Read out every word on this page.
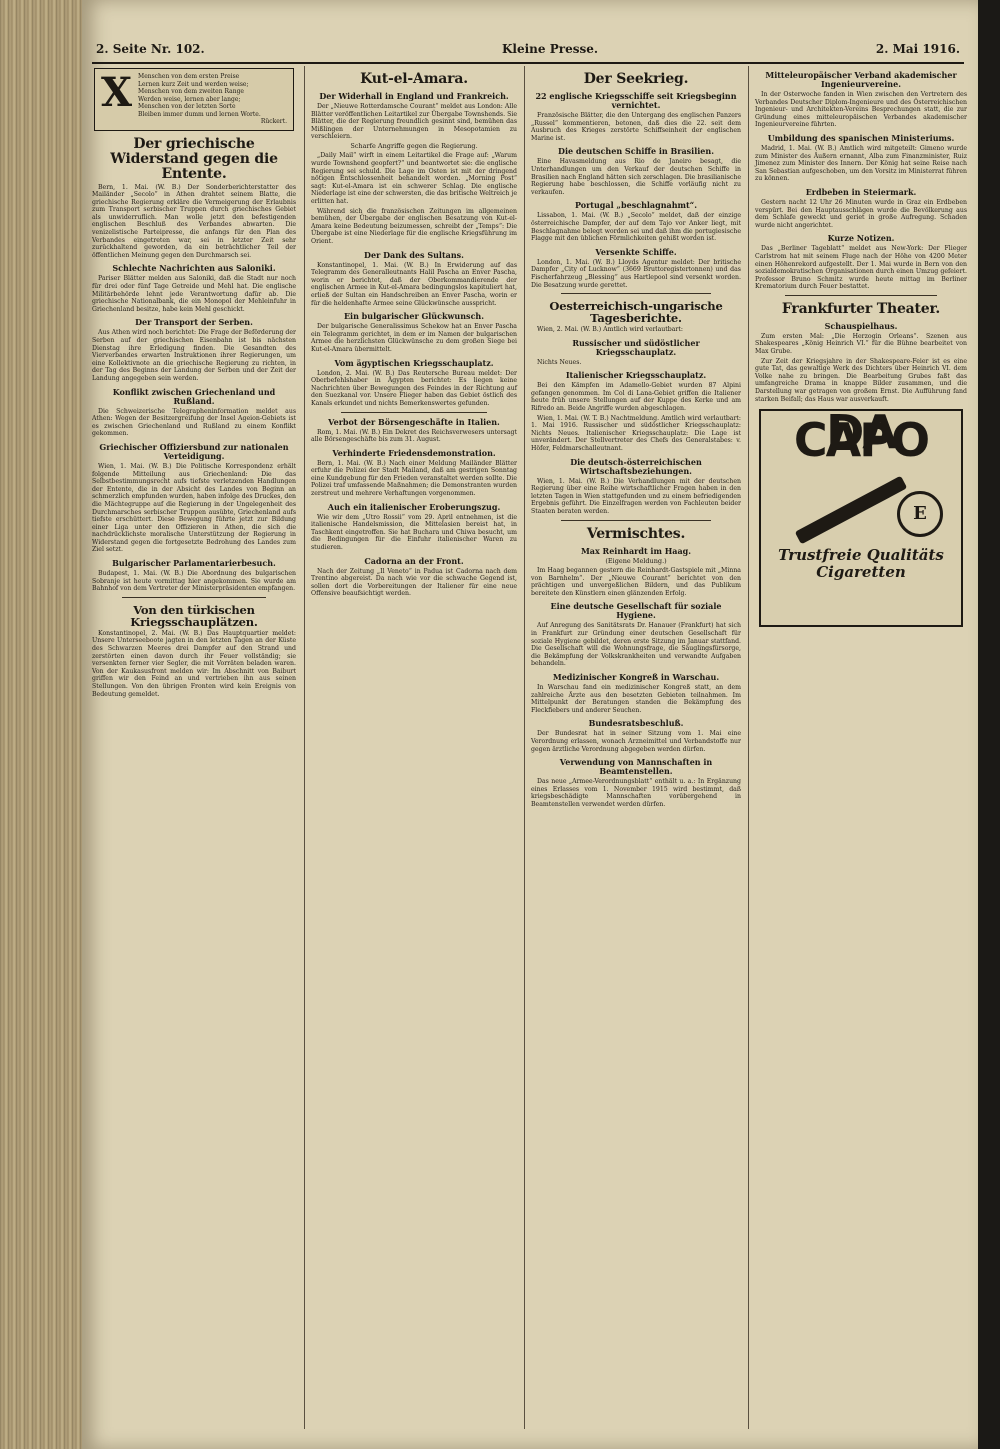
2. Seite Nr. 102.	Kleine Presse.	2. Mai 1916.
X	Menschen von dem ersten Preise
Lernen kurz Zeit und werden weise;
Menschen von dem zweiten Range
Werden weise, lernen aber lange;
Menschen von der letzten Sorte
Bleiben immer dumm und lernen Worte.
Rückert.
Der griechische Widerstand gegen die Entente.

Bern, 1. Mai. (W. B.) Der Sonderberichterstatter des Mailänder „Secolo“ in Athen drahtet seinem Blatte, die griechische Regierung erkläre die Vermeigerung der Erlaubnis zum Transport serbischer Truppen durch griechisches Gebiet als unwiderruflich. Man wolle jetzt den befestigenden englischen Beschluß des Verbandes abwarten. Die venizelistische Parteipresse, die anfangs für den Plan des Verbandes eingetreten war, sei in letzter Zeit sehr zurückhaltend geworden, da ein beträchtlicher Teil der öffentlichen Meinung gegen den Durchmarsch sei.

Schlechte Nachrichten aus Saloniki.

Pariser Blätter melden aus Saloniki, daß die Stadt nur noch für drei oder fünf Tage Getreide und Mehl hat. Die englische Militärbehörde lehnt jede Verantwortung dafür ab. Die griechische Nationalbank, die ein Monopol der Mehleinfuhr in Griechenland besitze, habe kein Mehl geschickt.

Der Transport der Serben.

Aus Athen wird noch berichtet: Die Frage der Beförderung der Serben auf der griechischen Eisenbahn ist bis nächsten Dienstag ihre Erledigung finden. Die Gesandten des Vierverbandes erwarten Instruktionen ihrer Regierungen, um eine Kollektivnote an die griechische Regierung zu richten, in der Tag des Beginns der Landung der Serben und der Zeit der Landung angegeben sein werden.

Konflikt zwischen Griechenland und Rußland.

Die Schweizerische Telegrapheninformation meldet aus Athen: Wegen der Besitzergreifung der Insel Ageion-Gebiets ist es zwischen Griechenland und Rußland zu einem Konflikt gekommen.

Griechischer Offiziersbund zur nationalen Verteidigung.

Wien, 1. Mai. (W. B.) Die Politische Korrespondenz erhält folgende Mitteilung aus Griechenland: Die das Selbstbestimmungsrecht aufs tiefste verletzenden Handlungen der Entente, die in der Absicht des Landes von Beginn an schmerzlich empfunden wurden, haben infolge des Druckes, den die Mächtegruppe auf die Regierung in der Ungelegenheit des Durchmarsches serbischer Truppen ausübte, Griechenland aufs tiefste erschüttert. Diese Bewegung führte jetzt zur Bildung einer Liga unter den Offizieren in Athen, die sich die nachdrücklichste moralische Unterstützung der Regierung in Widerstand gegen die fortgesetzte Bedrohung des Landes zum Ziel setzt.

Bulgarischer Parlamentarierbesuch.

Budapest, 1. Mai. (W. B.) Die Abordnung des bulgarischen Sobranje ist heute vormittag hier angekommen. Sie wurde am Bahnhof von dem Vertreter der Ministerpräsidenten empfangen.

Von den türkischen Kriegsschauplätzen.

Konstantinopel, 2. Mai. (W. B.) Das Hauptquartier meldet: Unsere Unterseeboote jagten in den letzten Tagen an der Küste des Schwarzen Meeres drei Dampfer auf den Strand und zerstörten einen davon durch ihr Feuer vollständig; sie versenkten ferner vier Segler, die mit Vorräten beladen waren. Von der Kaukasusfront melden wir: Im Abschnitt von Baiburt griffen wir den Feind an und vertrieben ihn aus seinen Stellungen. Von den übrigen Fronten wird kein Ereignis von Bedeutung gemeldet.

Kut-el-Amara.
Der Widerhall in England und Frankreich.

Der „Nieuwe Rotterdamsche Courant“ meldet aus London: Alle Blätter veröffentlichen Leitartikel zur Übergabe Townshends. Sie Blätter, die der Regierung freundlich gesinnt sind, bemühen das Mißlingen der Unternehmungen in Mesopotamien zu verschleiern.

Scharfe Angriffe gegen die Regierung.

„Daily Mail“ wirft in einem Leitartikel die Frage auf: „Warum wurde Townshend geopfert?“ und beantwortet sie: die englische Regierung sei schuld. Die Lage im Osten ist mit der dringend nötigen Entschlossenheit behandelt worden. „Morning Post“ sagt: Kut-el-Amara ist ein schwerer Schlag. Die englische Niederlage ist eine der schwersten, die das britische Weltreich je erlitten hat.

Während sich die französischen Zeitungen im allgemeinen bemühen, der Übergabe der englischen Besatzung von Kut-el-Amara keine Bedeutung beizumessen, schreibt der „Temps“: Die Übergabe ist eine Niederlage für die englische Kriegsführung im Orient.

Der Dank des Sultans.

Konstantinopel, 1. Mai. (W. B.) In Erwiderung auf das Telegramm des Generalleutnants Halil Pascha an Enver Pascha, worin er berichtet, daß der Oberkommandierende der englischen Armee in Kut-el-Amara bedingungslos kapituliert hat, erließ der Sultan ein Handschreiben an Enver Pascha, worin er für die heldenhafte Armee seine Glückwünsche ausspricht.

Ein bulgarischer Glückwunsch.

Der bulgarische Generalissimus Schekow hat an Enver Pascha ein Telegramm gerichtet, in dem er im Namen der bulgarischen Armee die herzlichsten Glückwünsche zu dem großen Siege bei Kut-el-Amara übermittelt.

Vom ägyptischen Kriegsschauplatz.

London, 2. Mai. (W. B.) Das Reutersche Bureau meldet: Der Oberbefehlshaber in Ägypten berichtet: Es liegen keine Nachrichten über Bewegungen des Feindes in der Richtung auf den Suezkanal vor. Unsere Flieger haben das Gebiet östlich des Kanals erkundet und nichts Bemerkenswertes gefunden.

Verbot der Börsengeschäfte in Italien.

Rom, 1. Mai. (W. B.) Ein Dekret des Reichsverwesers untersagt alle Börsengeschäfte bis zum 31. August.

Verhinderte Friedensdemonstration.

Bern, 1. Mai. (W. B.) Nach einer Meldung Mailänder Blätter erfuhr die Polizei der Stadt Mailand, daß am gestrigen Sonntag eine Kundgebung für den Frieden veranstaltet werden sollte. Die Polizei traf umfassende Maßnahmen; die Demonstranten wurden zerstreut und mehrere Verhaftungen vorgenommen.

Auch ein italienischer Eroberungszug.

Wie wir dem „Utro Rossii“ vom 29. April entnehmen, ist die italienische Handelsmission, die Mittelasien bereist hat, in Taschkent eingetroffen. Sie hat Buchara und Chiwa besucht, um die Bedingungen für die Einfuhr italienischer Waren zu studieren.

Cadorna an der Front.

Nach der Zeitung „Il Veneto“ in Padua ist Cadorna nach dem Trentino abgereist. Da nach wie vor die schwache Gegend ist, sollen dort die Vorbereitungen der Italiener für eine neue Offensive beaufsichtigt werden.

Der Seekrieg.
22 englische Kriegsschiffe seit Kriegsbeginn vernichtet.

Französische Blätter, die den Untergang des englischen Panzers „Russel“ kommentieren, betonen, daß dies die 22. seit dem Ausbruch des Krieges zerstörte Schiffseinheit der englischen Marine ist.

Die deutschen Schiffe in Brasilien.

Eine Havasmeldung aus Rio de Janeiro besagt, die Unterhandlungen um den Verkauf der deutschen Schiffe in Brasilien nach England hätten sich zerschlagen. Die brasilianische Regierung habe beschlossen, die Schiffe vorläufig nicht zu verkaufen.

Portugal „beschlagnahmt“.

Lissabon, 1. Mai. (W. B.) „Secolo“ meldet, daß der einzige österreichische Dampfer, der auf dem Tajo vor Anker liegt, mit Beschlagnahme belegt worden sei und daß ihm die portugiesische Flagge mit den üblichen Förmlichkeiten gehißt worden ist.

Versenkte Schiffe.

London, 1. Mai. (W. B.) Lloyds Agentur meldet: Der britische Dampfer „City of Lucknow“ (3669 Bruttoregistertonnen) und das Fischerfahrzeug „Blessing“ aus Hartlepool sind versenkt worden. Die Besatzung wurde gerettet.

Oesterreichisch-ungarische Tagesberichte.

Wien, 2. Mai. (W. B.) Amtlich wird verlautbart:

Russischer und südöstlicher Kriegsschauplatz.

Nichts Neues.

Italienischer Kriegsschauplatz.

Bei den Kämpfen im Adamello-Gebiet wurden 87 Alpini gefangen genommen. Im Col di Lana-Gebiet griffen die Italiener heute früh unsere Stellungen auf der Kuppe des Kerke und am Rifredo an. Beide Angriffe wurden abgeschlagen.

Wien, 1. Mai. (W. T. B.) Nachtmeldung. Amtlich wird verlautbart: 1. Mai 1916. Russischer und südöstlicher Kriegsschauplatz: Nichts Neues. Italienischer Kriegsschauplatz: Die Lage ist unverändert. Der Stellvertreter des Chefs des Generalstabes: v. Höfer, Feldmarschalleutnant.

Die deutsch-österreichischen Wirtschaftsbeziehungen.

Wien, 1. Mai. (W. B.) Die Verhandlungen mit der deutschen Regierung über eine Reihe wirtschaftlicher Fragen haben in den letzten Tagen in Wien stattgefunden und zu einem befriedigenden Ergebnis geführt. Die Einzelfragen werden von Fachleuten beider Staaten beraten werden.

Vermischtes.
Max Reinhardt im Haag.
(Eigene Meldung.)

Im Haag begannen gestern die Reinhardt-Gastspiele mit „Minna von Barnhelm“. Der „Nieuwe Courant“ berichtet von den prächtigen und unvergeßlichen Bildern, und das Publikum bereitete den Künstlern einen glänzenden Erfolg.

Eine deutsche Gesellschaft für soziale Hygiene.

Auf Anregung des Sanitätsrats Dr. Hanauer (Frankfurt) hat sich in Frankfurt zur Gründung einer deutschen Gesellschaft für soziale Hygiene gebildet, deren erste Sitzung im Januar stattfand. Die Gesellschaft will die Wohnungsfrage, die Säuglingsfürsorge, die Bekämpfung der Volkskrankheiten und verwandte Aufgaben behandeln.

Medizinischer Kongreß in Warschau.

In Warschau fand ein medizinischer Kongreß statt, an dem zahlreiche Ärzte aus den besetzten Gebieten teilnahmen. Im Mittelpunkt der Beratungen standen die Bekämpfung des Fleckfiebers und anderer Seuchen.

Bundesratsbeschluß.

Der Bundesrat hat in seiner Sitzung vom 1. Mai eine Verordnung erlassen, wonach Arzneimittel und Verbandstoffe nur gegen ärztliche Verordnung abgegeben werden dürfen.

Verwendung von Mannschaften in Beamtenstellen.

Das neue „Armee-Verordnungsblatt“ enthält u. a.: In Ergänzung eines Erlasses vom 1. November 1915 wird bestimmt, daß kriegsbeschädigte Mannschaften vorübergehend in Beamtenstellen verwendet werden dürfen.

Mitteleuropäischer Verband akademischer Ingenieurvereine.

In der Osterwoche fanden in Wien zwischen den Vertretern des Verbandes Deutscher Diplom-Ingenieure und des Österreichischen Ingenieur- und Architekten-Vereins Besprechungen statt, die zur Gründung eines mitteleuropäischen Verbandes akademischer Ingenieurvereine führten.

Umbildung des spanischen Ministeriums.

Madrid, 1. Mai. (W. B.) Amtlich wird mitgeteilt: Gimeno wurde zum Minister des Äußern ernannt, Alba zum Finanzminister, Ruiz Jimenez zum Minister des Innern. Der König hat seine Reise nach San Sebastian aufgeschoben, um den Vorsitz im Ministerrat führen zu können.

Erdbeben in Steiermark.

Gestern nacht 12 Uhr 26 Minuten wurde in Graz ein Erdbeben verspürt. Bei den Hauptausschlägen wurde die Bevölkerung aus dem Schlafe geweckt und geriet in große Aufregung. Schaden wurde nicht angerichtet.

Kurze Notizen.

Das „Berliner Tageblatt“ meldet aus New-York: Der Flieger Carlstrom hat mit seinem Fluge nach der Höhe von 4200 Meter einen Höhenrekord aufgestellt. Der 1. Mai wurde in Bern von den sozialdemokratischen Organisationen durch einen Umzug gefeiert. Professor Bruno Schmitz wurde heute mittag im Berliner Krematorium durch Feuer bestattet.

Frankfurter Theater.
Schauspielhaus.

Zum ersten Mal: „Die Herzogin Orleans“. Szenen aus Shakespeares „König Heinrich VI.“ für die Bühne bearbeitet von Max Grube.

Zur Zeit der Kriegsjahre in der Shakespeare-Feier ist es eine gute Tat, das gewaltige Werk des Dichters über Heinrich VI. dem Volke nahe zu bringen. Die Bearbeitung Grubes faßt das umfangreiche Drama in knappe Bilder zusammen, und die Darstellung war getragen von großem Ernst. Die Aufführung fand starken Beifall; das Haus war ausverkauft.

DA CAPO
E
Trustfreie Qualitäts Cigaretten
